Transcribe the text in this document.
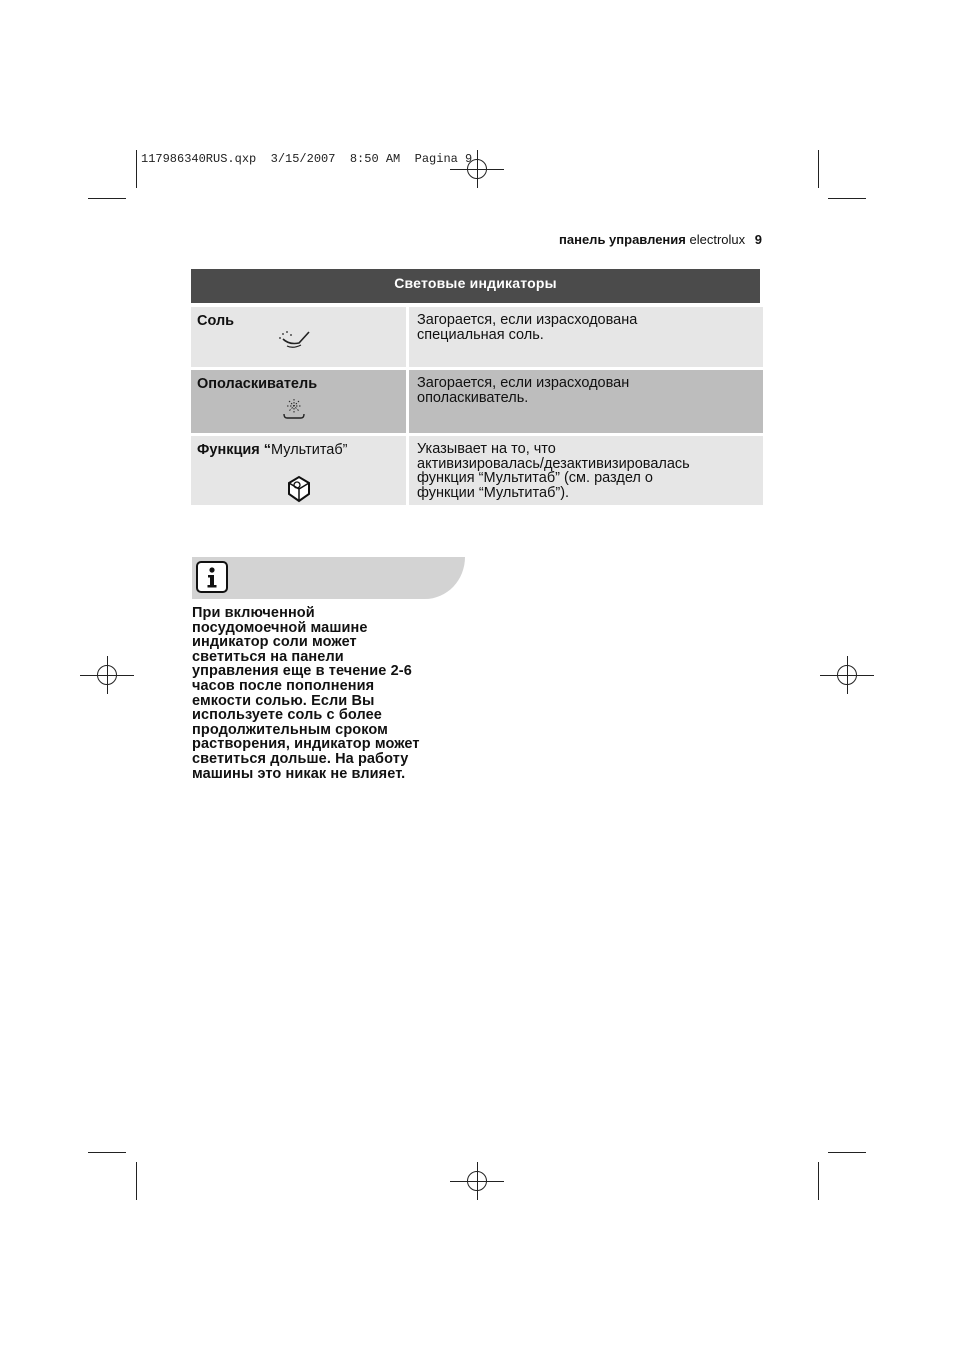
117986340RUS.qxp  3/15/2007  8:50 AM  Pagina 9
панель управления electrolux 9
Световые индикаторы
Соль	Загорается, если израсходована
специальная соль.
Ополаскиватель	Загорается, если израсходован
ополаскиватель.
Функция “Мультитаб”	Указывает на то, что
активизировалась/дезактивизировалась
функция “Мультитаб” (см. раздел о
функции “Мультитаб”).
При включенной
посудомоечной машине
индикатор соли может
светиться на панели
управления еще в течение 2-6
часов после пополнения
емкости солью. Если Вы
используете соль с более
продолжительным сроком
растворения, индикатор может
светиться дольше. На работу
машины это никак не влияет.
